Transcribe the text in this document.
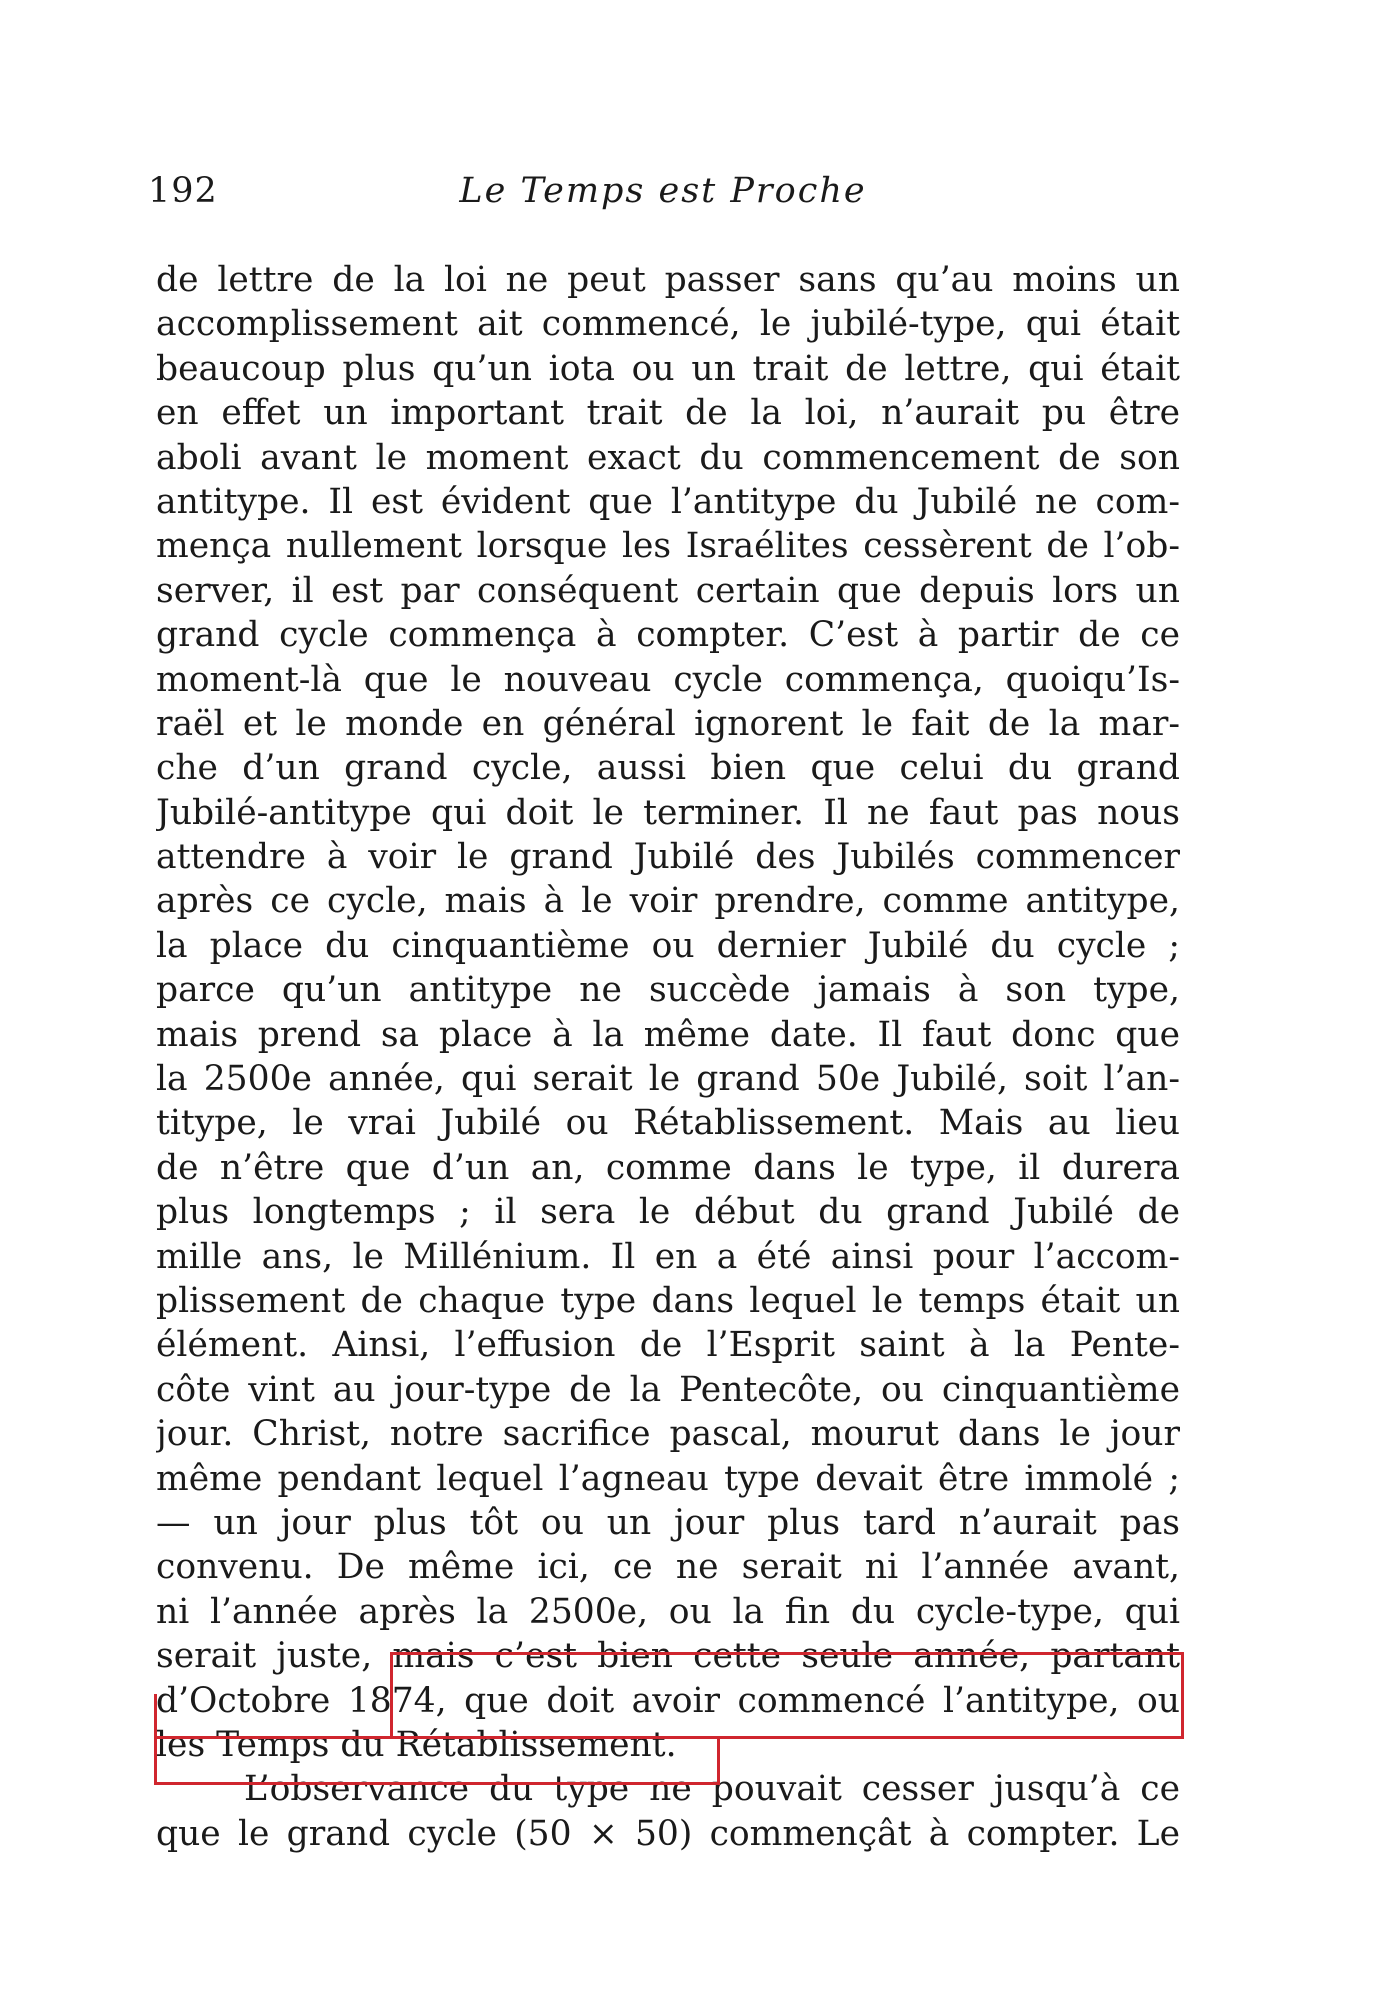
192	Le Temps est Proche
de lettre de la loi ne peut passer sans qu’au moins un
accomplissement ait commencé, le jubilé-type, qui était
beaucoup plus qu’un iota ou un trait de lettre, qui était
en effet un important trait de la loi, n’aurait pu être
aboli avant le moment exact du commencement de son
antitype. Il est évident que l’antitype du Jubilé ne com-
mença nullement lorsque les Israélites cessèrent de l’ob-
server, il est par conséquent certain que depuis lors un
grand cycle commença à compter. C’est à partir de ce
moment-là que le nouveau cycle commença, quoiqu’Is-
raël et le monde en général ignorent le fait de la mar-
che d’un grand cycle, aussi bien que celui du grand
Jubilé-antitype qui doit le terminer. Il ne faut pas nous
attendre à voir le grand Jubilé des Jubilés commencer
après ce cycle, mais à le voir prendre, comme antitype,
la place du cinquantième ou dernier Jubilé du cycle ;
parce qu’un antitype ne succède jamais à son type,
mais prend sa place à la même date. Il faut donc que
la 2500e année, qui serait le grand 50e Jubilé, soit l’an-
titype, le vrai Jubilé ou Rétablissement. Mais au lieu
de n’être que d’un an, comme dans le type, il durera
plus longtemps ; il sera le début du grand Jubilé de
mille ans, le Millénium. Il en a été ainsi pour l’accom-
plissement de chaque type dans lequel le temps était un
élément. Ainsi, l’effusion de l’Esprit saint à la Pente-
côte vint au jour-type de la Pentecôte, ou cinquantième
jour. Christ, notre sacrifice pascal, mourut dans le jour
même pendant lequel l’agneau type devait être immolé ;
— un jour plus tôt ou un jour plus tard n’aurait pas
convenu. De même ici, ce ne serait ni l’année avant,
ni l’année après la 2500e, ou la fin du cycle-type, qui
serait juste, mais c’est bien cette seule année, partant
d’Octobre 1874, que doit avoir commencé l’antitype, ou
les Temps du Rétablissement.
L’observance du type ne pouvait cesser jusqu’à ce
que le grand cycle (50 × 50) commençât à compter. Le
